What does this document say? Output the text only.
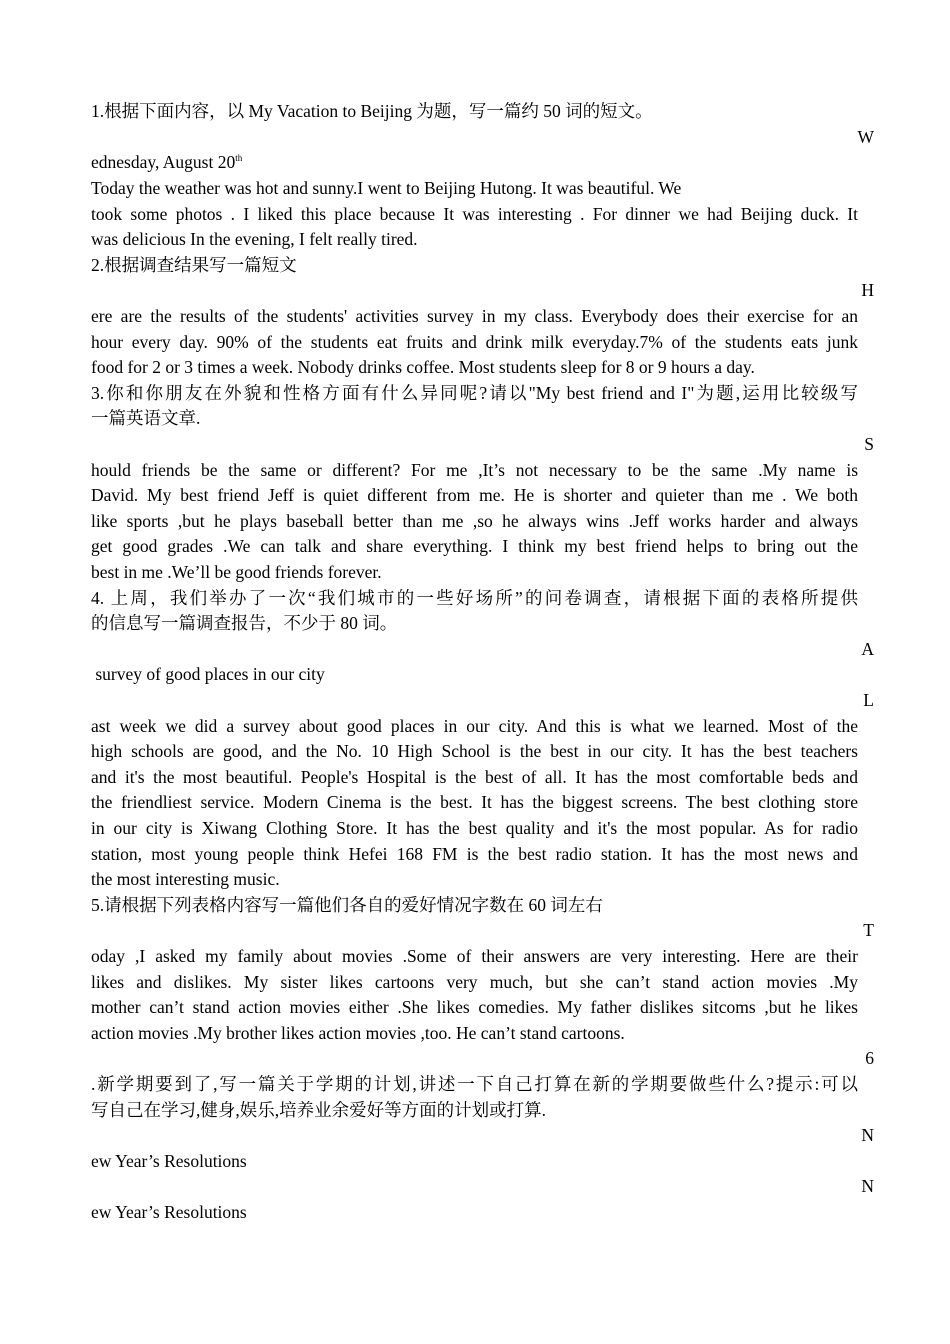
1.根据下面内容，以 My Vacation to Beijing 为题，写一篇约 50 词的短文。
W
ednesday, August 20th
Today the weather was hot and sunny.I went to Beijing Hutong. It was beautiful. We
took some photos . I liked this place because It was interesting . For dinner we had Beijing duck. It
was delicious In the evening, I felt really tired.
2.根据调查结果写一篇短文
H
ere are the results of the students' activities survey in my class. Everybody does their exercise for an
hour every day. 90% of the students eat fruits and drink milk everyday.7% of the students eats junk
food for 2 or 3 times a week. Nobody drinks coffee. Most students sleep for 8 or 9 hours a day.
3.你和你朋友在外貌和性格方面有什么异同呢?请以"My best friend and I"为题,运用比较级写
一篇英语文章.
S
hould friends be the same or different? For me ,It’s not necessary to be the same .My name is
David. My best friend Jeff is quiet different from me. He is shorter and quieter than me . We both
like sports ,but he plays baseball better than me ,so he always wins .Jeff works harder and always
get good grades .We can talk and share everything. I think my best friend helps to bring out the
best in me .We’ll be good friends forever.
4. 上周，我们举办了一次“我们城市的一些好场所”的问卷调查，请根据下面的表格所提供
的信息写一篇调查报告，不少于 80 词。
A
survey of good places in our city
L
ast week we did a survey about good places in our city. And this is what we learned. Most of the
high schools are good, and the No. 10 High School is the best in our city. It has the best teachers
and it's the most beautiful. People's Hospital is the best of all. It has the most comfortable beds and
the friendliest service. Modern Cinema is the best. It has the biggest screens. The best clothing store
in our city is Xiwang Clothing Store. It has the best quality and it's the most popular. As for radio
station, most young people think Hefei 168 FM is the best radio station. It has the most news and
the most interesting music.
5.请根据下列表格内容写一篇他们各自的爱好情况字数在 60 词左右
T
oday ,I asked my family about movies .Some of their answers are very interesting. Here are their
likes and dislikes. My sister likes cartoons very much, but she can’t stand action movies .My
mother can’t stand action movies either .She likes comedies. My father dislikes sitcoms ,but he likes
action movies .My brother likes action movies ,too. He can’t stand cartoons.
6
.新学期要到了,写一篇关于学期的计划,讲述一下自己打算在新的学期要做些什么?提示:可以
写自己在学习,健身,娱乐,培养业余爱好等方面的计划或打算.
N
ew Year’s Resolutions
N
ew Year’s Resolutions
